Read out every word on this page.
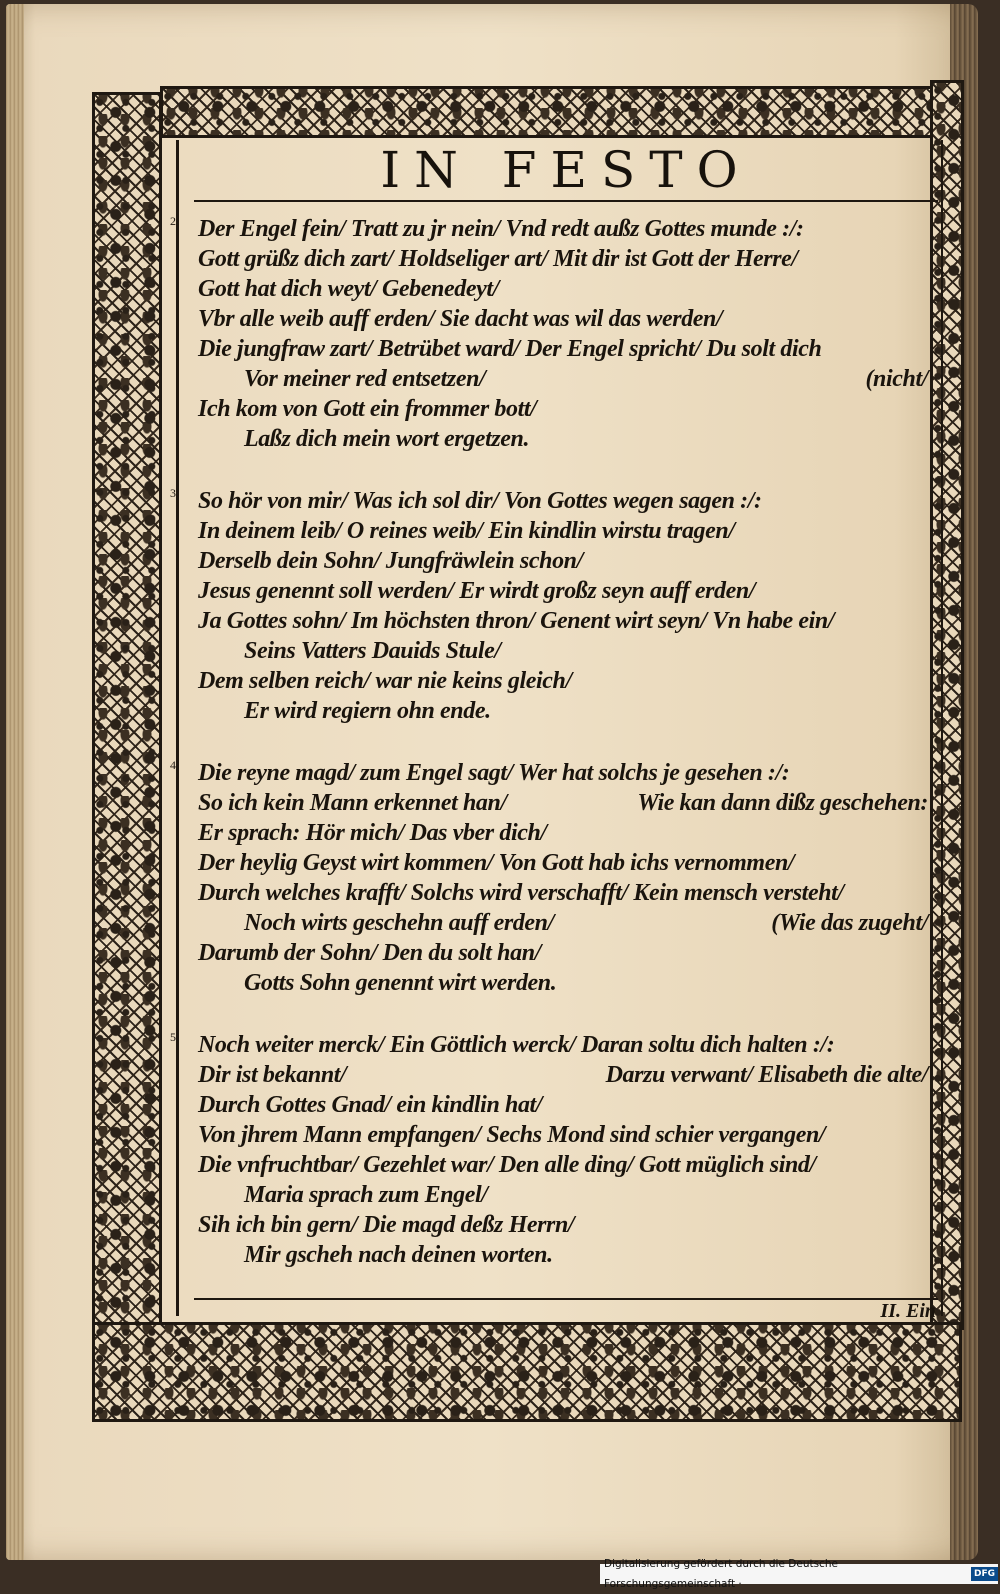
IN FESTO
2 Der Engel fein/ Tratt zu jr nein/ Vnd redt außz Gottes munde :/:
Gott grüßz dich zart/ Holdseliger art/ Mit dir ist Gott der Herre/
Gott hat dich weyt/ Gebenedeyt/
Vbr alle weib auff erden/ Sie dacht was wil das werden/
Die jungfraw zart/ Betrübet ward/ Der Engel spricht/ Du solt dich
Vor meiner red entsetzen/	(nicht/
Ich kom von Gott ein frommer bott/
Laßz dich mein wort ergetzen.
3 So hör von mir/ Was ich sol dir/ Von Gottes wegen sagen :/:
In deinem leib/ O reines weib/ Ein kindlin wirstu tragen/
Derselb dein Sohn/ Jungfräwlein schon/
Jesus genennt soll werden/ Er wirdt großz seyn auff erden/
Ja Gottes sohn/ Im höchsten thron/ Genent wirt seyn/ Vn habe ein/
Seins Vatters Dauids Stule/
Dem selben reich/ war nie keins gleich/
Er wird regiern ohn ende.
4 Die reyne magd/ zum Engel sagt/ Wer hat solchs je gesehen :/:
So ich kein Mann erkennet han/	Wie kan dann dißz geschehen:
Er sprach: Hör mich/ Das vber dich/
Der heylig Geyst wirt kommen/ Von Gott hab ichs vernommen/
Durch welches krafft/ Solchs wird verschafft/ Kein mensch versteht/
Noch wirts geschehn auff erden/	(Wie das zugeht/
Darumb der Sohn/ Den du solt han/
Gotts Sohn genennt wirt werden.
5 Noch weiter merck/ Ein Göttlich werck/ Daran soltu dich halten :/:
Dir ist bekannt/	Darzu verwant/ Elisabeth die alte/
Durch Gottes Gnad/ ein kindlin hat/
Von jhrem Mann empfangen/ Sechs Mond sind schier vergangen/
Die vnfruchtbar/ Gezehlet war/ Den alle ding/ Gott müglich sind/
Maria sprach zum Engel/
Sih ich bin gern/ Die magd deßz Herrn/
Mir gscheh nach deinen worten.
II. Ein
Digitalisierung gefördert durch die Deutsche Forschungsgemeinschaft ·
DFG
